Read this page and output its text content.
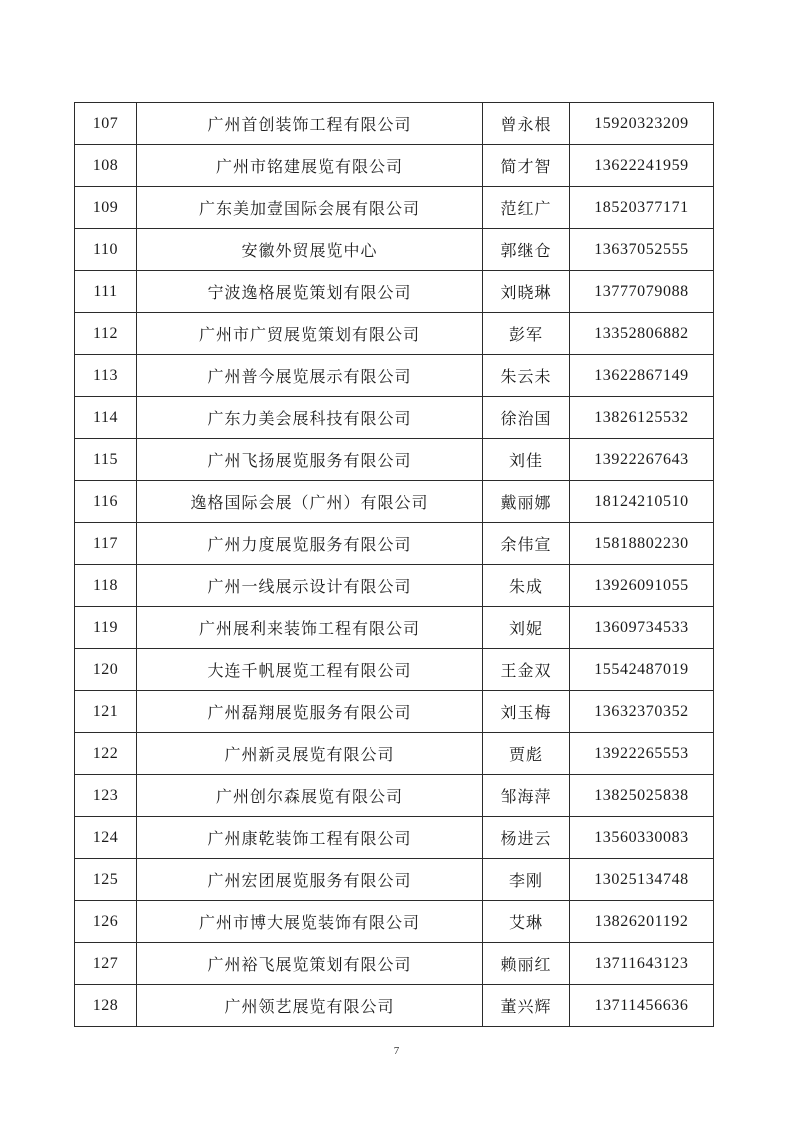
107	广州首创装饰工程有限公司	曾永根	15920323209
108	广州市铭建展览有限公司	简才智	13622241959
109	广东美加壹国际会展有限公司	范红广	18520377171
110	安徽外贸展览中心	郭继仓	13637052555
111	宁波逸格展览策划有限公司	刘晓琳	13777079088
112	广州市广贸展览策划有限公司	彭军	13352806882
113	广州普今展览展示有限公司	朱云未	13622867149
114	广东力美会展科技有限公司	徐治国	13826125532
115	广州飞扬展览服务有限公司	刘佳	13922267643
116	逸格国际会展（广州）有限公司	戴丽娜	18124210510
117	广州力度展览服务有限公司	余伟宣	15818802230
118	广州一线展示设计有限公司	朱成	13926091055
119	广州展利来装饰工程有限公司	刘妮	13609734533
120	大连千帆展览工程有限公司	王金双	15542487019
121	广州磊翔展览服务有限公司	刘玉梅	13632370352
122	广州新灵展览有限公司	贾彪	13922265553
123	广州创尔森展览有限公司	邹海萍	13825025838
124	广州康乾装饰工程有限公司	杨进云	13560330083
125	广州宏团展览服务有限公司	李刚	13025134748
126	广州市博大展览装饰有限公司	艾琳	13826201192
127	广州裕飞展览策划有限公司	赖丽红	13711643123
128	广州领艺展览有限公司	董兴辉	13711456636
7
